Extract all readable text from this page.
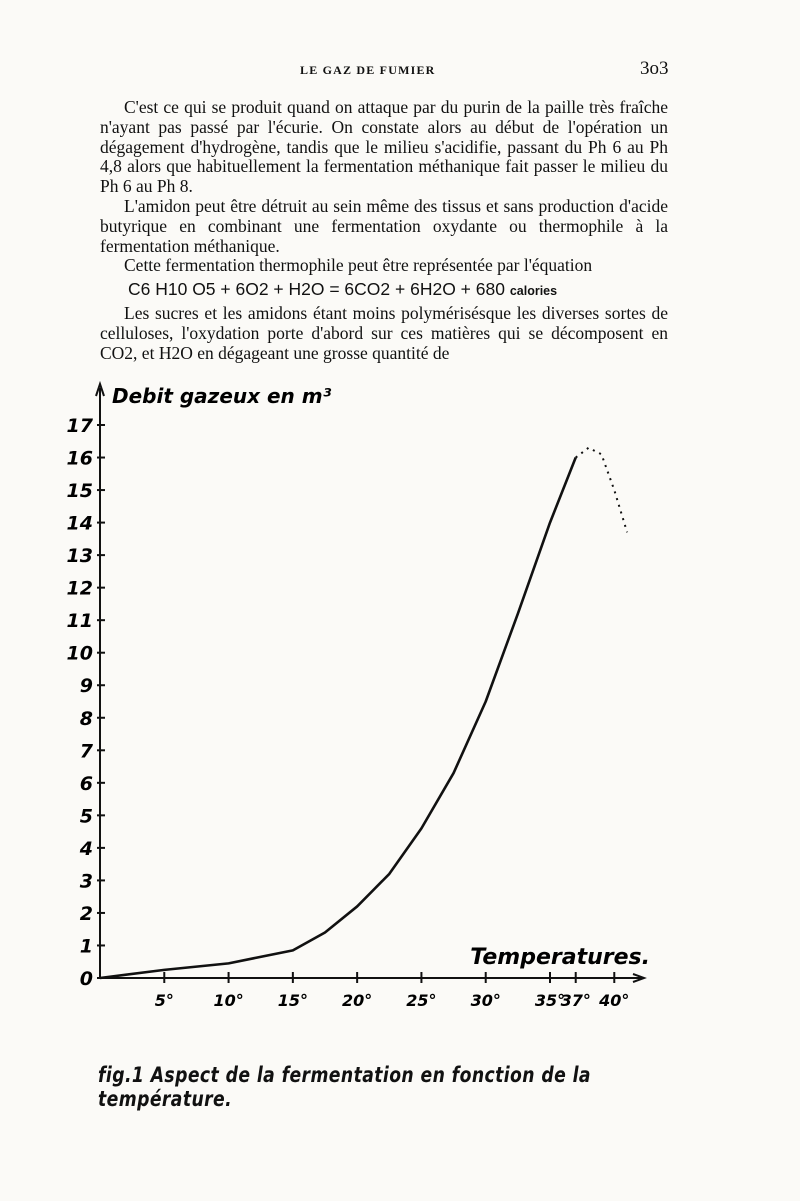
LE GAZ DE FUMIER	3o3

C'est ce qui se produit quand on attaque par du purin de la paille très fraîche n'ayant pas passé par l'écurie. On constate alors au début de l'opération un dégagement d'hydrogène, tandis que le milieu s'acidifie, passant du Ph 6 au Ph 4,8 alors que habituellement la fermentation méthanique fait passer le milieu du Ph 6 au Ph 8.

L'amidon peut être détruit au sein même des tissus et sans production d'acide butyrique en combinant une fermentation oxydante ou thermophile à la fermentation méthanique.

Cette fermentation thermophile peut être représentée par l'équation

C6 H10 O5 + 6O2 + H2O = 6CO2 + 6H2O + 680 calories

Les sucres et les amidons étant moins polymérisésque les diverses sortes de celluloses, l'oxydation porte d'abord sur ces matières qui se décomposent en CO2, et H2O en dégageant une grosse quantité de

0
1
2
3
4
5
6
7
8
9
10
11
12
13
14
15
16
17
5° 10° 15° 20° 25° 30° 35°
37° 40°
Debit gazeux en m³
Temperatures.
fig.1 Aspect de la fermentation en fonction de la température.
